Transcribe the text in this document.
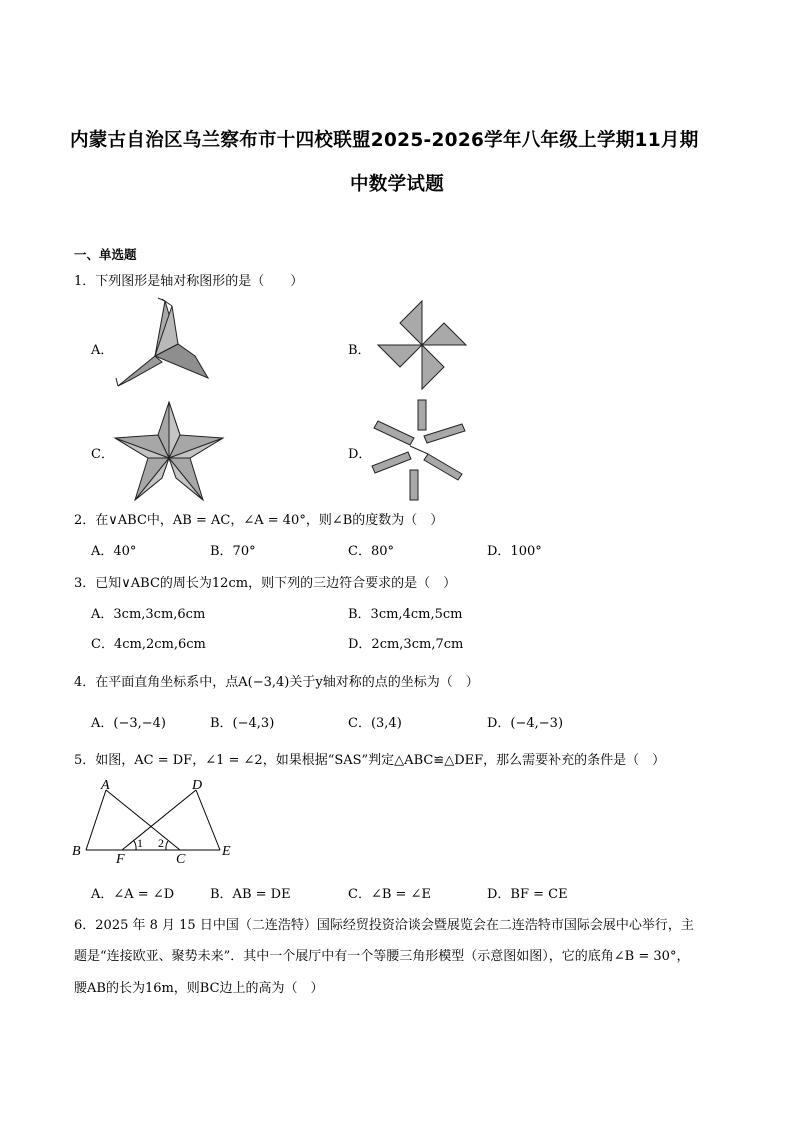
内蒙古自治区乌兰察布市十四校联盟2025-2026学年八年级上学期11月期
中数学试题
一、单选题
1．下列图形是轴对称图形的是（　　）
A．	B．
C．	D．
2．在∨ABC中，AB = AC，∠A = 40°，则∠B的度数为（　）
A．40°	B．70°	C．80°	D．100°
3．已知∨ABC的周长为12cm，则下列的三边符合要求的是（　）
A．3cm,3cm,6cm	B．3cm,4cm,5cm
C．4cm,2cm,6cm	D．2cm,3cm,7cm
4．在平面直角坐标系中，点A(−3,4)关于y轴对称的点的坐标为（　）
A．(−3,−4)	B．(−4,3)	C．(3,4)	D．(−4,−3)
5．如图，AC = DF，∠1 = ∠2，如果根据“SAS”判定△ABC≌△DEF，那么需要补充的条件是（　）
A	D
B
F
1 2
C
E
A．∠A = ∠D	B．AB = DE	C．∠B = ∠E	D．BF = CE
6．2025 年 8 月 15 日中国（二连浩特）国际经贸投资洽谈会暨展览会在二连浩特市国际会展中心举行，主
题是“连接欧亚、聚势未来”．其中一个展厅中有一个等腰三角形模型（示意图如图），它的底角∠B = 30°，
腰AB的长为16m，则BC边上的高为（　）
